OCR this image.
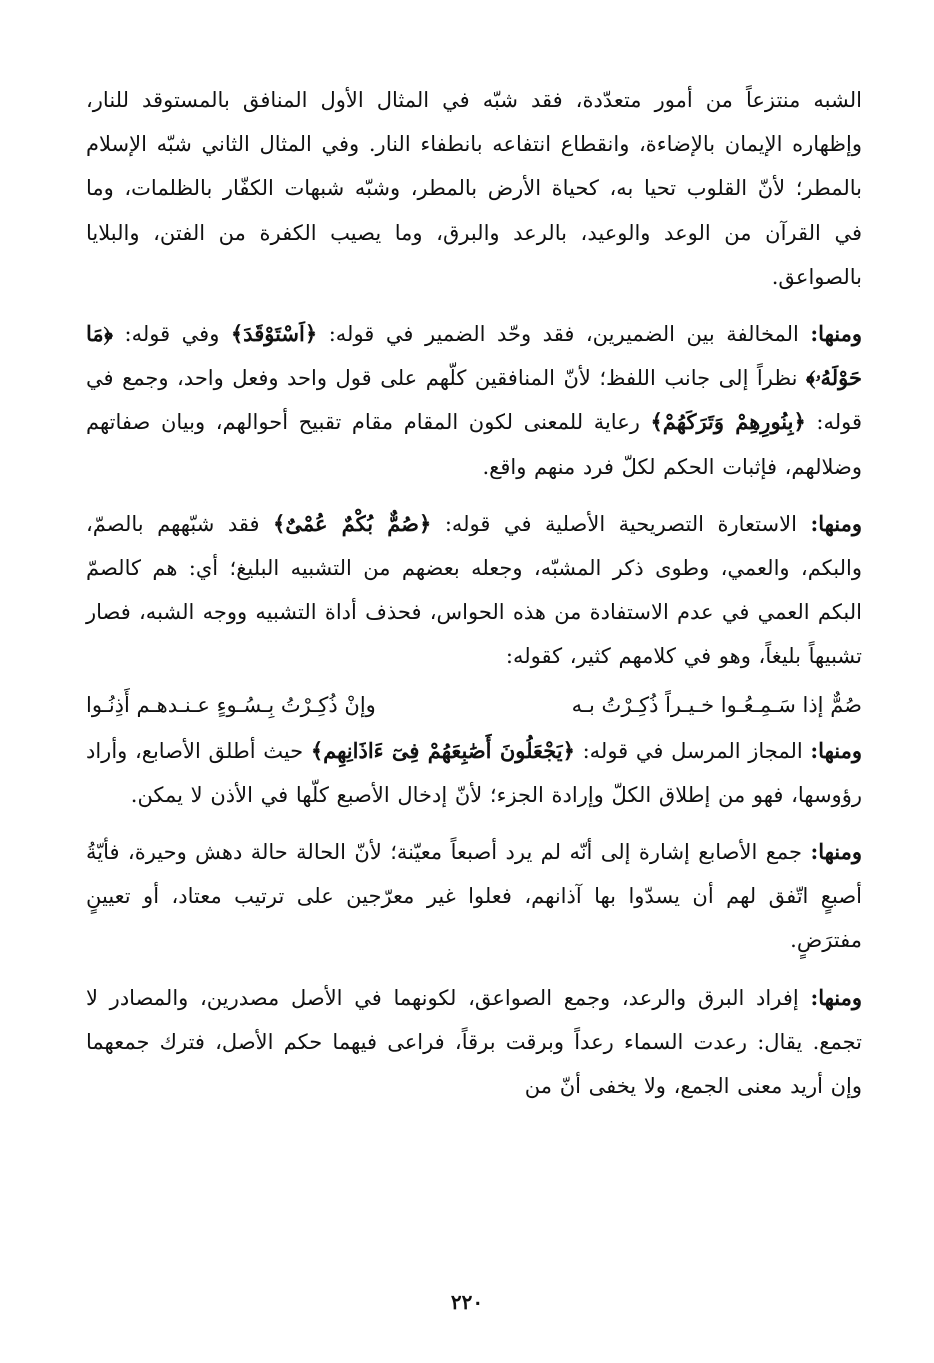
الشبه منتزعاً من أمور متعدّدة، فقد شبّه في المثال الأول المنافق بالمستوقد للنار، وإظهاره الإيمان بالإضاءة، وانقطاع انتفاعه بانطفاء النار. وفي المثال الثاني شبّه الإسلام بالمطر؛ لأنّ القلوب تحيا به، كحياة الأرض بالمطر، وشبّه شبهات الكفّار بالظلمات، وما في القرآن من الوعد والوعيد، بالرعد والبرق، وما يصيب الكفرة من الفتن، والبلايا بالصواعق.

ومنها: المخالفة بين الضميرين، فقد وحّد الضمير في قوله: ﴿اَسْتَوْقَدَ﴾ وفي قوله: ﴿مَا حَوْلَهُۥ﴾ نظراً إلى جانب اللفظ؛ لأنّ المنافقين كلّهم على قول واحد وفعل واحد، وجمع في قوله: ﴿بِنُورِهِمْ وَتَرَكَهُمْ﴾ رعاية للمعنى لكون المقام مقام تقبيح أحوالهم، وبيان صفاتهم وضلالهم، فإثبات الحكم لكلّ فرد منهم واقع.

ومنها: الاستعارة التصريحية الأصلية في قوله: ﴿صُمٌّ بُكْمٌ عُمْىٌ﴾ فقد شبّههم بالصمّ، والبكم، والعمي، وطوى ذكر المشبّه، وجعله بعضهم من التشبيه البليغ؛ أي: هم كالصمّ البكم العمي في عدم الاستفادة من هذه الحواس، فحذف أداة التشبيه ووجه الشبه، فصار تشبيهاً بليغاً، وهو في كلامهم كثير، كقوله:

صُمٌّ إذا سَـمِـعُـوا خـيـراً ذُكِـرْتُ بـه
وإنْ ذُكِـرْتُ بِـسُـوءٍ عـنـدهـم أَذِنُـوا

ومنها: المجاز المرسل في قوله: ﴿يَجْعَلُونَ أَصَٰبِعَهُمْ فِىٓ ءَاذَانِهِم﴾ حيث أطلق الأصابع، وأراد رؤوسها، فهو من إطلاق الكلّ وإرادة الجزء؛ لأنّ إدخال الأصبع كلّها في الأذن لا يمكن.

ومنها: جمع الأصابع إشارة إلى أنّه لم يرد أصبعاً معيّنة؛ لأنّ الحالة حالة دهش وحيرة، فأيّةُ أصبعٍ اتّفق لهم أن يسدّوا بها آذانهم، فعلوا غير معرّجين على ترتيب معتاد، أو تعيينٍ مفترَضٍ.

ومنها: إفراد البرق والرعد، وجمع الصواعق، لكونهما في الأصل مصدرين، والمصادر لا تجمع. يقال: رعدت السماء رعداً وبرقت برقاً، فراعى فيهما حكم الأصل، فترك جمعهما وإن أريد معنى الجمع، ولا يخفى أنّ من

٢٢٠
